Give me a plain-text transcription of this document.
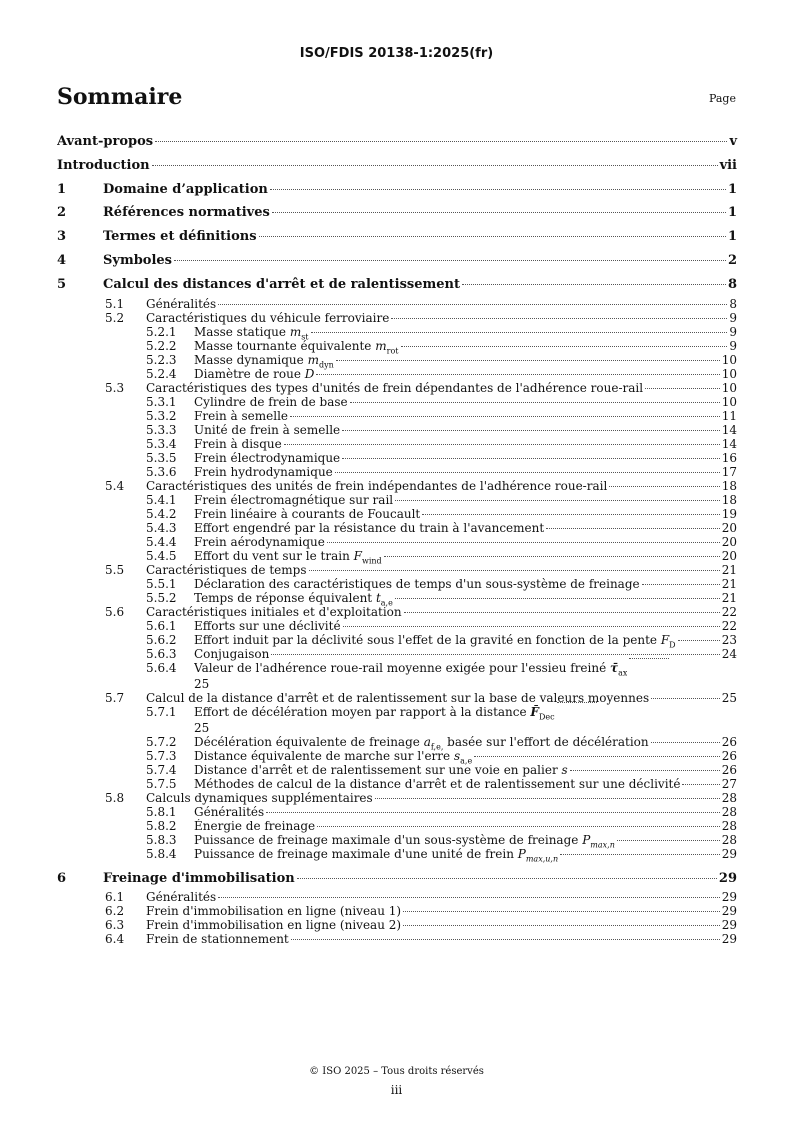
ISO/FDIS 20138-1:2025(fr)
Sommaire	Page
Avant-propos	v
Introduction	vii
1	Domaine d’application	1
2	Références normatives	1
3	Termes et définitions	1
4	Symboles	2
5	Calcul des distances d'arrêt et de ralentissement	8
5.1 Généralités	8
5.2 Caractéristiques du véhicule ferroviaire	9
5.2.1 Masse statique $m_{st}$	9
5.2.2 Masse tournante équivalente $m_{rot}$	9
5.2.3 Masse dynamique $m_{dyn}$	10
5.2.4 Diamètre de roue D	10
5.3 Caractéristiques des types d'unités de frein dépendantes de l'adhérence roue-rail	10
5.3.1 Cylindre de frein de base	10
5.3.2 Frein à semelle	11
5.3.3 Unité de frein à semelle	14
5.3.4 Frein à disque	14
5.3.5 Frein électrodynamique	16
5.3.6 Frein hydrodynamique	17
5.4 Caractéristiques des unités de frein indépendantes de l'adhérence roue-rail	18
5.4.1 Frein électromagnétique sur rail	18
5.4.2 Frein linéaire à courants de Foucault	19
5.4.3 Effort engendré par la résistance du train à l'avancement	20
5.4.4 Frein aérodynamique	20
5.4.5 Effort du vent sur le train $F_{wind}$	20
5.5 Caractéristiques de temps	21
5.5.1 Déclaration des caractéristiques de temps d'un sous-système de freinage	21
5.5.2 Temps de réponse équivalent $t_{a,e}$	21
5.6 Caractéristiques initiales et d'exploitation	22
5.6.1 Efforts sur une déclivité	22
5.6.2 Effort induit par la déclivité sous l'effet de la gravité en fonction de la pente $F_D$	23
5.6.3 Conjugaison	24
5.6.4 Valeur de l'adhérence roue-rail moyenne exigée pour l'essieu freiné $\taū_{ax}$
25
5.7 Calcul de la distance d'arrêt et de ralentissement sur la base de valeurs moyennes	25
5.7.1 Effort de décélération moyen par rapport à la distance $F̄_{Dec}$
25
5.7.2 Décélération équivalente de freinage $a_{f,e,}$ basée sur l'effort de décélération	26
5.7.3 Distance équivalente de marche sur l'erre $s_{a,e}$	26
5.7.4 Distance d'arrêt et de ralentissement sur une voie en palier s	26
5.7.5 Méthodes de calcul de la distance d'arrêt et de ralentissement sur une déclivité	27
5.8 Calculs dynamiques supplémentaires	28
5.8.1 Généralités	28
5.8.2 Énergie de freinage	28
5.8.3 Puissance de freinage maximale d'un sous-système de freinage $P_{max,n}$	28
5.8.4 Puissance de freinage maximale d'une unité de frein $P_{max,u,n}$	29
6	Freinage d'immobilisation	29
6.1 Généralités	29
6.2 Frein d'immobilisation en ligne (niveau 1)	29
6.3 Frein d'immobilisation en ligne (niveau 2)	29
6.4 Frein de stationnement	29
© ISO 2025 – Tous droits réservés
iii
